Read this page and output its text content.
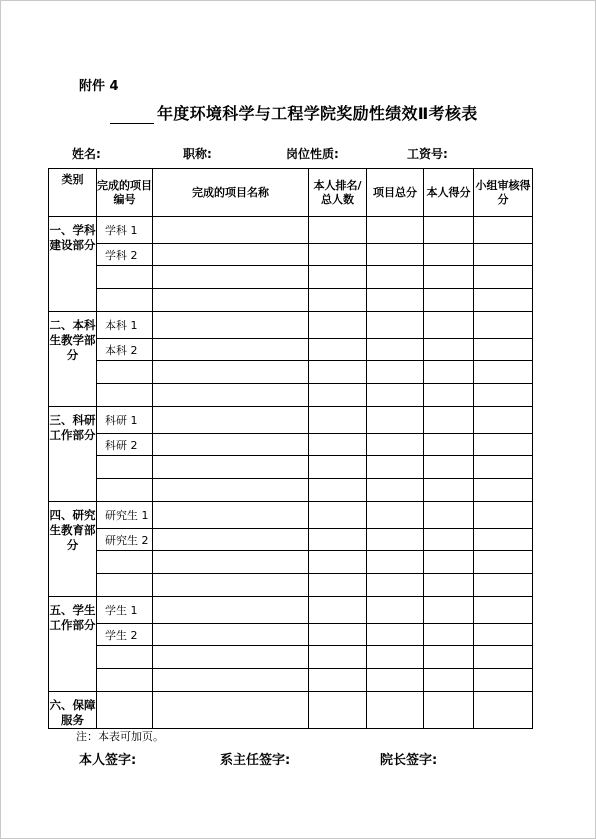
附件 4
年度环境科学与工程学院奖励性绩效Ⅱ考核表
姓名:	职称:	岗位性质:	工资号:
类别	完成的项目编号	完成的项目名称	本人排名/总人数	项目总分	本人得分	小组审核得分
一、学科建设部分	学科 1					
	学科 2					

二、本科生教学部分	本科 1					
	本科 2					

三、科研工作部分	科研 1					
	科研 2					

四、研究生教育部分	研究生 1					
	研究生 2					

五、学生工作部分	学生 1					
	学生 2					

六、保障服务						
注：本表可加页。
本人签字:	系主任签字:	院长签字:
